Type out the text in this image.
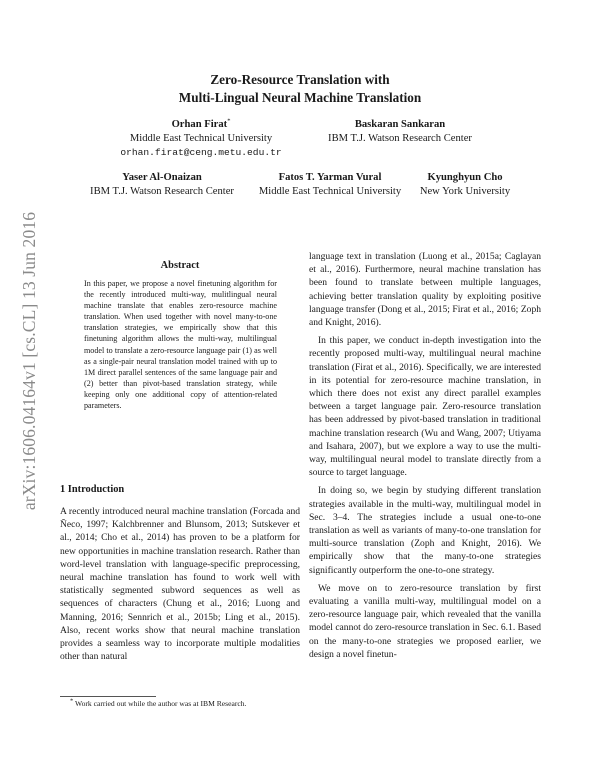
arXiv:1606.04164v1 [cs.CL] 13 Jun 2016
Zero-Resource Translation with
Multi-Lingual Neural Machine Translation
Orhan Firat*
Middle East Technical University
orhan.firat@ceng.metu.edu.tr
Baskaran Sankaran
IBM T.J. Watson Research Center
Yaser Al-Onaizan
IBM T.J. Watson Research Center
Fatos T. Yarman Vural
Middle East Technical University
Kyunghyun Cho
New York University
Abstract
In this paper, we propose a novel finetuning algorithm for the recently introduced multi-way, mulitlingual neural machine translate that enables zero-resource machine translation. When used together with novel many-to-one translation strategies, we empirically show that this finetuning algorithm allows the multi-way, multilingual model to translate a zero-resource language pair (1) as well as a single-pair neural translation model trained with up to 1M direct parallel sentences of the same language pair and (2) better than pivot-based translation strategy, while keeping only one additional copy of attention-related parameters.
1 Introduction

A recently introduced neural machine translation (Forcada and Ñeco, 1997; Kalchbrenner and Blunsom, 2013; Sutskever et al., 2014; Cho et al., 2014) has proven to be a platform for new opportunities in machine translation research. Rather than word-level translation with language-specific preprocessing, neural machine translation has found to work well with statistically segmented subword sequences as well as sequences of characters (Chung et al., 2016; Luong and Manning, 2016; Sennrich et al., 2015b; Ling et al., 2015). Also, recent works show that neural machine translation provides a seamless way to incorporate multiple modalities other than natural

language text in translation (Luong et al., 2015a; Caglayan et al., 2016). Furthermore, neural machine translation has been found to translate between multiple languages, achieving better translation quality by exploiting positive language transfer (Dong et al., 2015; Firat et al., 2016; Zoph and Knight, 2016).

In this paper, we conduct in-depth investigation into the recently proposed multi-way, multilingual neural machine translation (Firat et al., 2016). Specifically, we are interested in its potential for zero-resource machine translation, in which there does not exist any direct parallel examples between a target language pair. Zero-resource translation has been addressed by pivot-based translation in traditional machine translation research (Wu and Wang, 2007; Utiyama and Isahara, 2007), but we explore a way to use the multi-way, multilingual neural model to translate directly from a source to target language.

In doing so, we begin by studying different translation strategies available in the multi-way, multilingual model in Sec. 3–4. The strategies include a usual one-to-one translation as well as variants of many-to-one translation for multi-source translation (Zoph and Knight, 2016). We empirically show that the many-to-one strategies significantly outperform the one-to-one strategy.

We move on to zero-resource translation by first evaluating a vanilla multi-way, multilingual model on a zero-resource language pair, which revealed that the vanilla model cannot do zero-resource translation in Sec. 6.1. Based on the many-to-one strategies we proposed earlier, we design a novel finetun-

* Work carried out while the author was at IBM Research.
